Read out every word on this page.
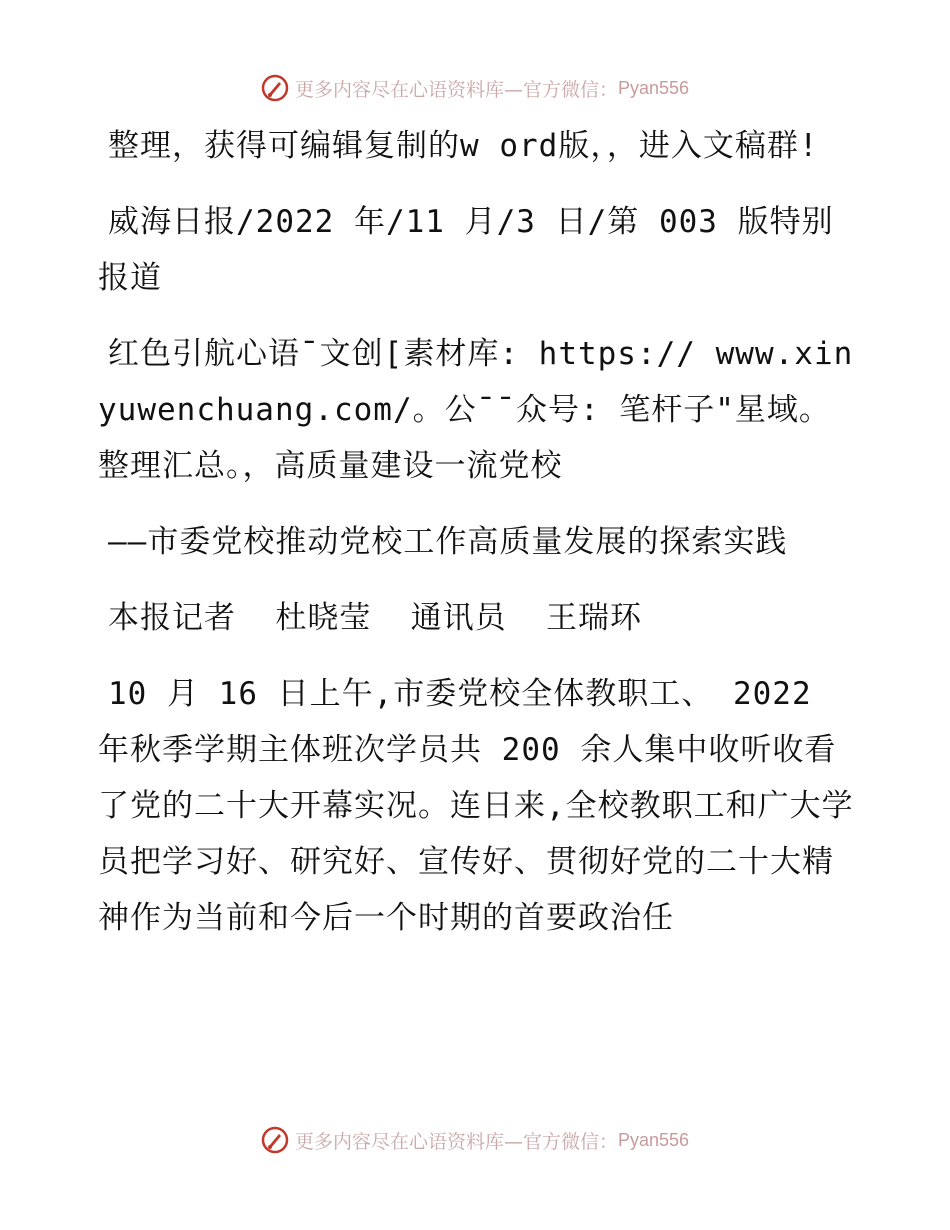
更多内容尽在心语资料库—官方微信： Pyan556

整理，获得可编辑复制的w ord版，，进入文稿群!

威海日报/2022 年/11 月/3 日/第 003 版特别报道

红色引航心语¯文创[素材库: https:// www.xinyuwenchuang.com/。公¯¯众号: 笔杆子"星域。整理汇总。，高质量建设一流党校

——市委党校推动党校工作高质量发展的探索实践

本报记者  杜晓莹  通讯员  王瑞环

10 月 16 日上午,市委党校全体教职工、 2022 年秋季学期主体班次学员共 200 余人集中收听收看了党的二十大开幕实况。连日来,全校教职工和广大学员把学习好、研究好、宣传好、贯彻好党的二十大精神作为当前和今后一个时期的首要政治任

更多内容尽在心语资料库—官方微信： Pyan556
